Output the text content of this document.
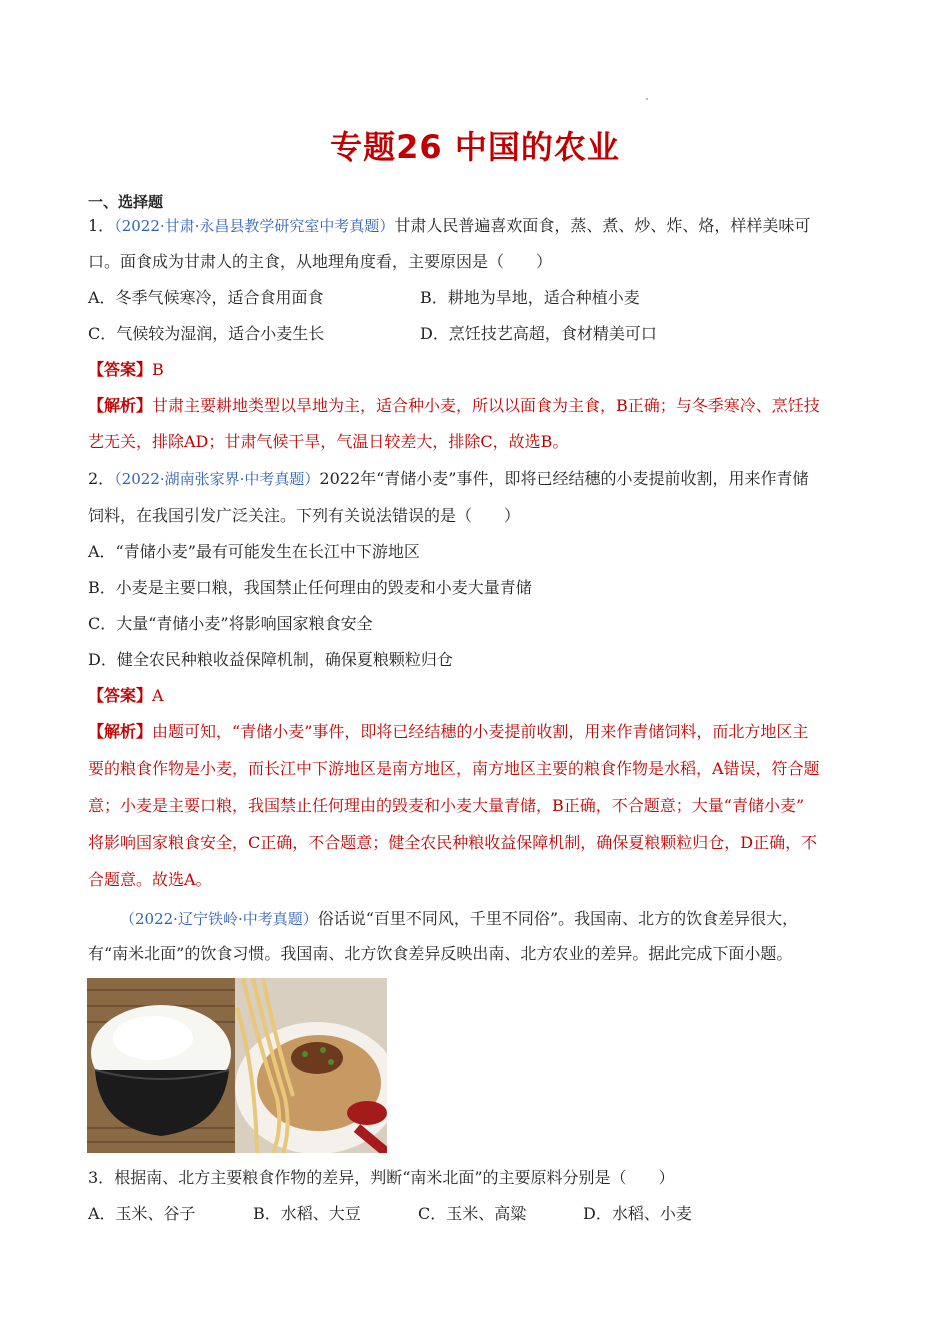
专题26 中国的农业
一、选择题
1．（2022·甘肃·永昌县教学研究室中考真题）甘肃人民普遍喜欢面食，蒸、煮、炒、炸、烙，样样美味可
口。面食成为甘肃人的主食，从地理角度看，主要原因是（　　）
A．冬季气候寒冷，适合食用面食	B．耕地为旱地，适合种植小麦
C．气候较为湿润，适合小麦生长	D．烹饪技艺高超，食材精美可口
【答案】B
【解析】甘肃主要耕地类型以旱地为主，适合种小麦，所以以面食为主食，B正确；与冬季寒冷、烹饪技
艺无关，排除AD；甘肃气候干旱，气温日较差大，排除C，故选B。
2．（2022·湖南张家界·中考真题）2022年“青储小麦”事件，即将已经结穗的小麦提前收割，用来作青储
饲料，在我国引发广泛关注。下列有关说法错误的是（　　）
A．“青储小麦”最有可能发生在长江中下游地区
B．小麦是主要口粮，我国禁止任何理由的毁麦和小麦大量青储
C．大量“青储小麦”将影响国家粮食安全
D．健全农民种粮收益保障机制，确保夏粮颗粒归仓
【答案】A
【解析】由题可知，“青储小麦”事件，即将已经结穗的小麦提前收割，用来作青储饲料，而北方地区主
要的粮食作物是小麦，而长江中下游地区是南方地区，南方地区主要的粮食作物是水稻，A错误，符合题
意；小麦是主要口粮，我国禁止任何理由的毁麦和小麦大量青储，B正确，不合题意；大量“青储小麦”
将影响国家粮食安全，C正确，不合题意；健全农民种粮收益保障机制，确保夏粮颗粒归仓，D正确，不
合题意。故选A。
（2022·辽宁铁岭·中考真题）俗话说“百里不同风，千里不同俗”。我国南、北方的饮食差异很大，
有“南米北面”的饮食习惯。我国南、北方饮食差异反映出南、北方农业的差异。据此完成下面小题。
3．根据南、北方主要粮食作物的差异，判断“南米北面”的主要原料分别是（　　）
A．玉米、谷子	B．水稻、大豆	C．玉米、高粱	D．水稻、小麦
